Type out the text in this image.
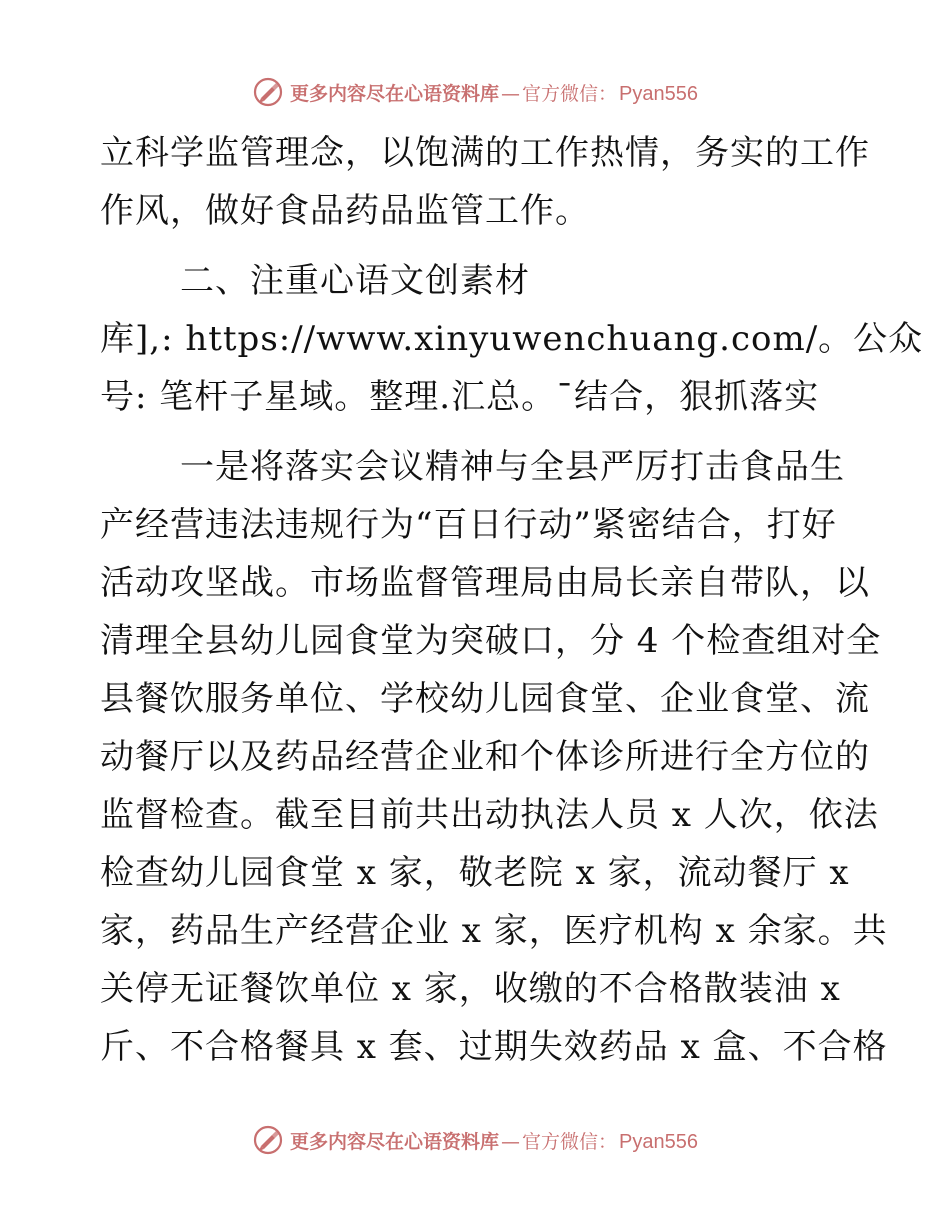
更多内容尽在心语资料库 — 官方微信： Pyan556
立科学监管理念，以饱满的工作热情，务实的工作
作风，做好食品药品监管工作。
二、注重心语文创素材
库],: https://www.xinyuwenchuang.com/。公众
号: 笔杆子星域。整理.汇总。¯结合，狠抓落实
一是将落实会议精神与全县严厉打击食品生
产经营违法违规行为“百日行动”紧密结合，打好
活动攻坚战。市场监督管理局由局长亲自带队，以
清理全县幼儿园食堂为突破口，分 4 个检查组对全
县餐饮服务单位、学校幼儿园食堂、企业食堂、流
动餐厅以及药品经营企业和个体诊所进行全方位的
监督检查。截至目前共出动执法人员 x 人次，依法
检查幼儿园食堂 x 家，敬老院 x 家，流动餐厅 x
家，药品生产经营企业 x 家，医疗机构 x 余家。共
关停无证餐饮单位 x 家，收缴的不合格散装油 x
斤、不合格餐具 x 套、过期失效药品 x 盒、不合格
更多内容尽在心语资料库 — 官方微信： Pyan556
